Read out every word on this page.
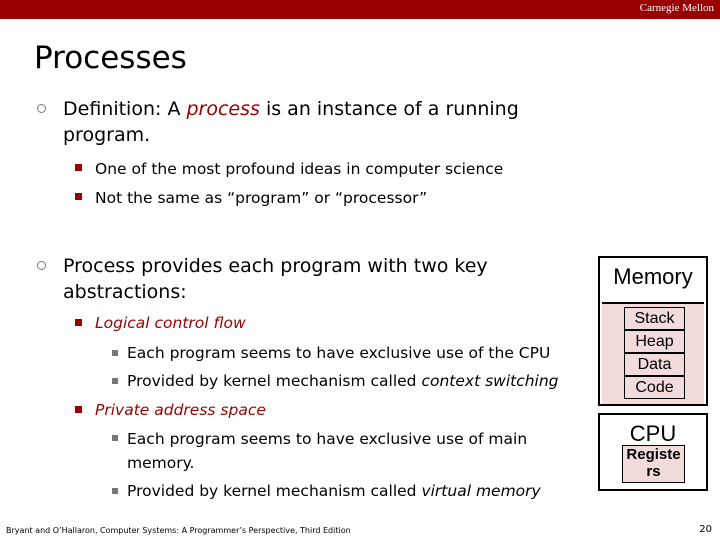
Carnegie Mellon
Processes
Definition: A process is an instance of a running program.
One of the most profound ideas in computer science
Not the same as “program” or “processor”
Process provides each program with two key abstractions:
Logical control flow
Each program seems to have exclusive use of the CPU
Provided by kernel mechanism called context switching
Private address space
Each program seems to have exclusive use of main memory.
Provided by kernel mechanism called virtual memory
Memory
Stack
Heap
Data
Code
CPU
Registe rs
Bryant and O’Hallaron, Computer Systems: A Programmer’s Perspective, Third Edition	20
